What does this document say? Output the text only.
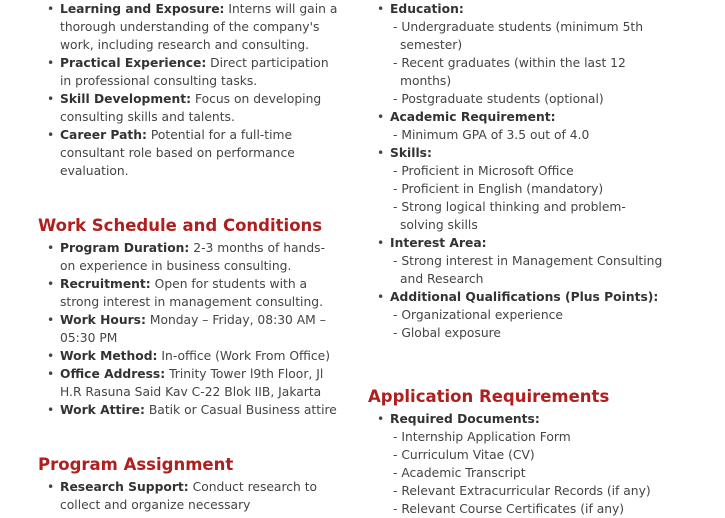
• Learning and Exposure: Interns will gain a thorough understanding of the company's work, including research and consulting.
• Practical Experience: Direct participation in professional consulting tasks.
• Skill Development: Focus on developing consulting skills and talents.
• Career Path: Potential for a full-time consultant role based on performance evaluation.
Work Schedule and Conditions
• Program Duration: 2-3 months of hands-on experience in business consulting.
• Recruitment: Open for students with a strong interest in management consulting.
• Work Hours: Monday – Friday, 08:30 AM – 05:30 PM
• Work Method: In-office (Work From Office)
• Office Address: Trinity Tower l9th Floor, Jl H.R Rasuna Said Kav C-22 Blok IIB, Jakarta
• Work Attire: Batik or Casual Business attire
Program Assignment
• Research Support: Conduct research to collect and organize necessary
• Education:
- Undergraduate students (minimum 5th semester)
- Recent graduates (within the last 12 months)
- Postgraduate students (optional)
• Academic Requirement:
- Minimum GPA of 3.5 out of 4.0
• Skills:
- Proficient in Microsoft Office
- Proficient in English (mandatory)
- Strong logical thinking and problem-solving skills
• Interest Area:
- Strong interest in Management Consulting and Research
• Additional Qualifications (Plus Points):
- Organizational experience
- Global exposure
Application Requirements
• Required Documents:
- Internship Application Form
- Curriculum Vitae (CV)
- Academic Transcript
- Relevant Extracurricular Records (if any)
- Relevant Course Certificates (if any)
